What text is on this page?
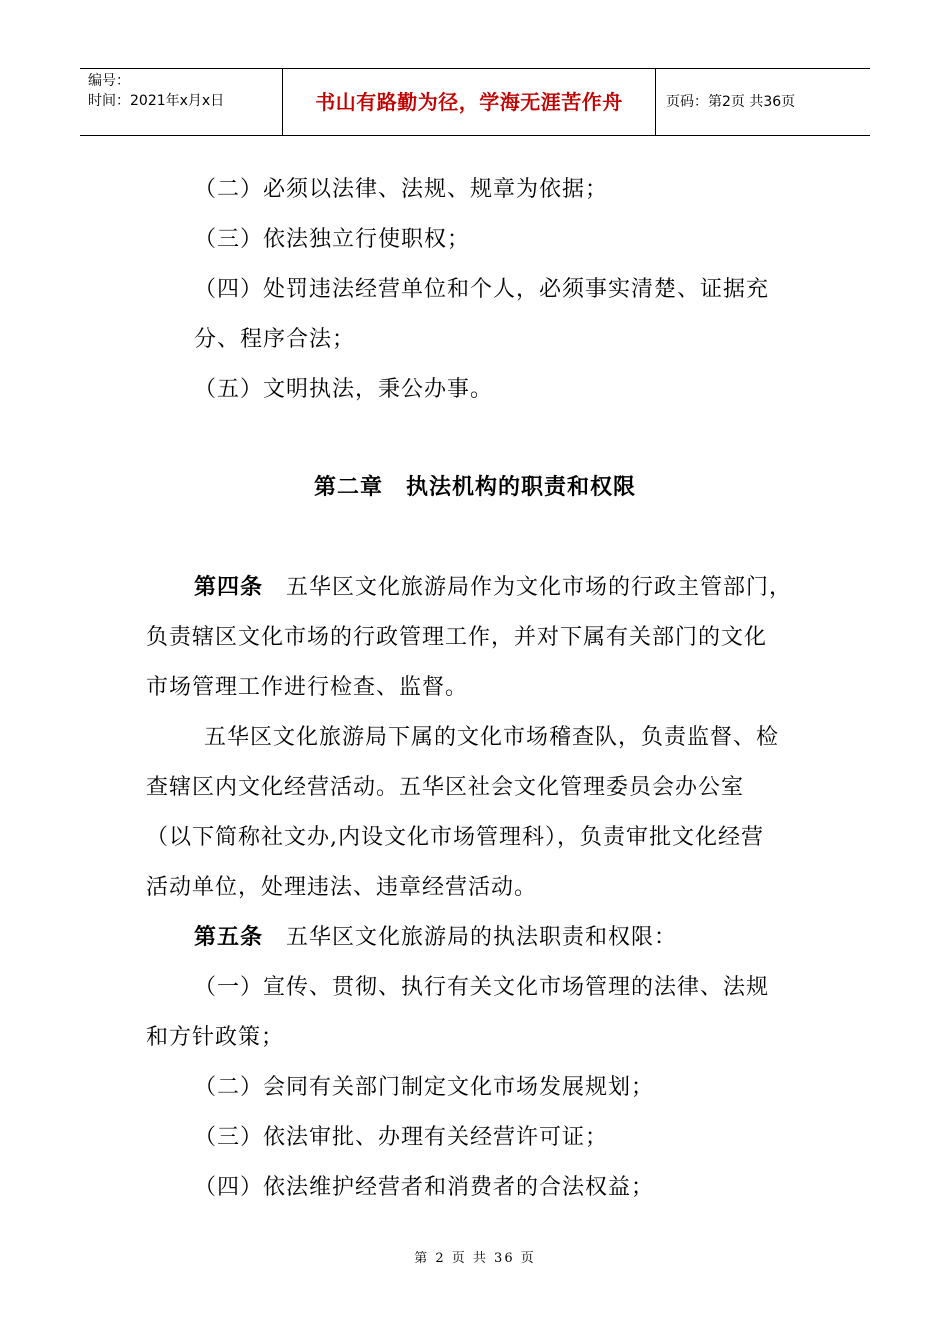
编号：
时间：2021年x月x日	书山有路勤为径，学海无涯苦作舟	页码：第2页 共36页
（二）必须以法律、法规、规章为依据；
（三）依法独立行使职权；
（四）处罚违法经营单位和个人，必须事实清楚、证据充
分、程序合法；
（五）文明执法，秉公办事。
第二章　执法机构的职责和权限
第四条　五华区文化旅游局作为文化市场的行政主管部门，
负责辖区文化市场的行政管理工作，并对下属有关部门的文化
市场管理工作进行检查、监督。
五华区文化旅游局下属的文化市场稽查队，负责监督、检
查辖区内文化经营活动。五华区社会文化管理委员会办公室
（以下简称社文办,内设文化市场管理科），负责审批文化经营
活动单位，处理违法、违章经营活动。
第五条　五华区文化旅游局的执法职责和权限：
（一）宣传、贯彻、执行有关文化市场管理的法律、法规
和方针政策；
（二）会同有关部门制定文化市场发展规划；
（三）依法审批、办理有关经营许可证；
（四）依法维护经营者和消费者的合法权益；
第 2 页 共 36 页
